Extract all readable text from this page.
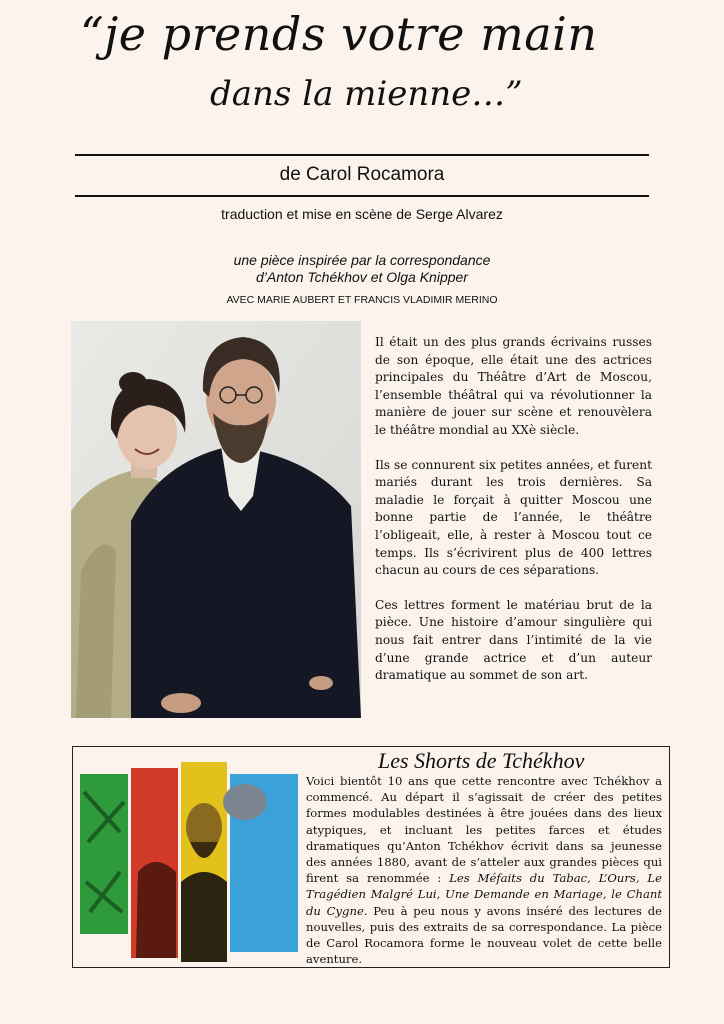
“je prends votre main
dans la mienne…”
de Carol Rocamora
traduction et mise en scène de Serge Alvarez
une pièce inspirée par la correspondance
d’Anton Tchékhov et Olga Knipper
AVEC MARIE AUBERT ET FRANCIS VLADIMIR MERINO

Il était un des plus grands écrivains russes de son époque, elle était une des actrices principales du Théâtre d’Art de Moscou, l’ensemble théâtral qui va révolutionner la manière de jouer sur scène et renouvèlera le théâtre mondial au XXè siècle.

Ils se connurent six petites années, et furent mariés durant les trois dernières. Sa maladie le forçait à quitter Moscou une bonne partie de l’année, le théâtre l’obligeait, elle, à rester à Moscou tout ce temps. Ils s’écrivirent plus de 400 lettres chacun au cours de ces séparations.

Ces lettres forment le matériau brut de la pièce. Une histoire d’amour singulière qui nous fait entrer dans l’intimité de la vie d’une grande actrice et d’un auteur dramatique au sommet de son art.

Les Shorts de Tchékhov
Voici bientôt 10 ans que cette rencontre avec Tchékhov a commencé. Au départ il s’agissait de créer des petites formes modulables destinées à être jouées dans des lieux atypiques, et incluant les petites farces et études dramatiques qu’Anton Tchékhov écrivit dans sa jeunesse des années 1880, avant de s’atteler aux grandes pièces qui firent sa renommée : Les Méfaits du Tabac, L’Ours, Le Tragédien Malgré Lui, Une Demande en Mariage, le Chant du Cygne. Peu à peu nous y avons inséré des lectures de nouvelles, puis des extraits de sa correspondance. La pièce de Carol Rocamora forme le nouveau volet de cette belle aventure.
